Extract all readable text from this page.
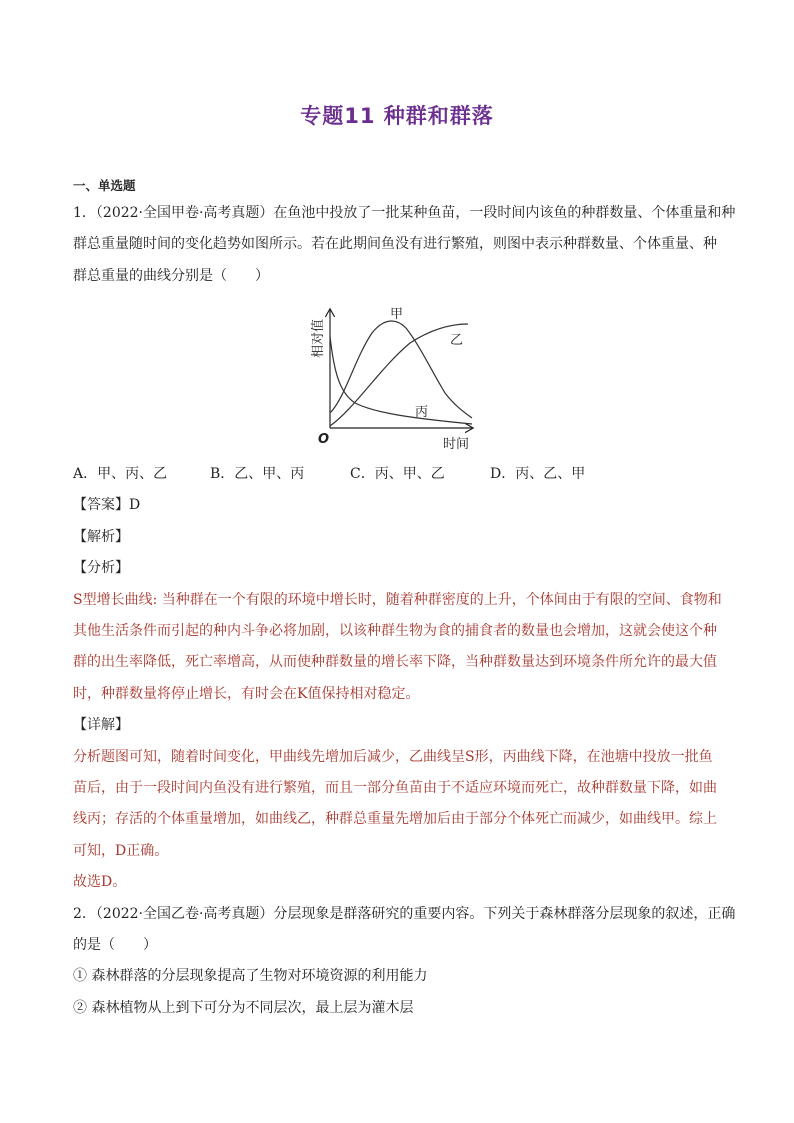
专题11 种群和群落
一、单选题
1．（2022·全国甲卷·高考真题）在鱼池中投放了一批某种鱼苗，一段时间内该鱼的种群数量、个体重量和种
群总重量随时间的变化趋势如图所示。若在此期间鱼没有进行繁殖，则图中表示种群数量、个体重量、种
群总重量的曲线分别是（　　）
甲
乙
丙
O	时间
相对值
A．甲、丙、乙	B．乙、甲、丙	C．丙、甲、乙	D．丙、乙、甲
【答案】D
【解析】
【分析】
S型增长曲线: 当种群在一个有限的环境中增长时，随着种群密度的上升，个体间由于有限的空间、食物和
其他生活条件而引起的种内斗争必将加剧，以该种群生物为食的捕食者的数量也会增加，这就会使这个种
群的出生率降低，死亡率增高，从而使种群数量的增长率下降，当种群数量达到环境条件所允许的最大值
时，种群数量将停止增长，有时会在K值保持相对稳定。
【详解】
分析题图可知，随着时间变化，甲曲线先增加后减少，乙曲线呈S形，丙曲线下降，在池塘中投放一批鱼
苗后，由于一段时间内鱼没有进行繁殖，而且一部分鱼苗由于不适应环境而死亡，故种群数量下降，如曲
线丙；存活的个体重量增加，如曲线乙，种群总重量先增加后由于部分个体死亡而减少，如曲线甲。综上
可知，D正确。
故选D。
2．（2022·全国乙卷·高考真题）分层现象是群落研究的重要内容。下列关于森林群落分层现象的叙述，正确
的是（　　）
① 森林群落的分层现象提高了生物对环境资源的利用能力
② 森林植物从上到下可分为不同层次，最上层为灌木层
